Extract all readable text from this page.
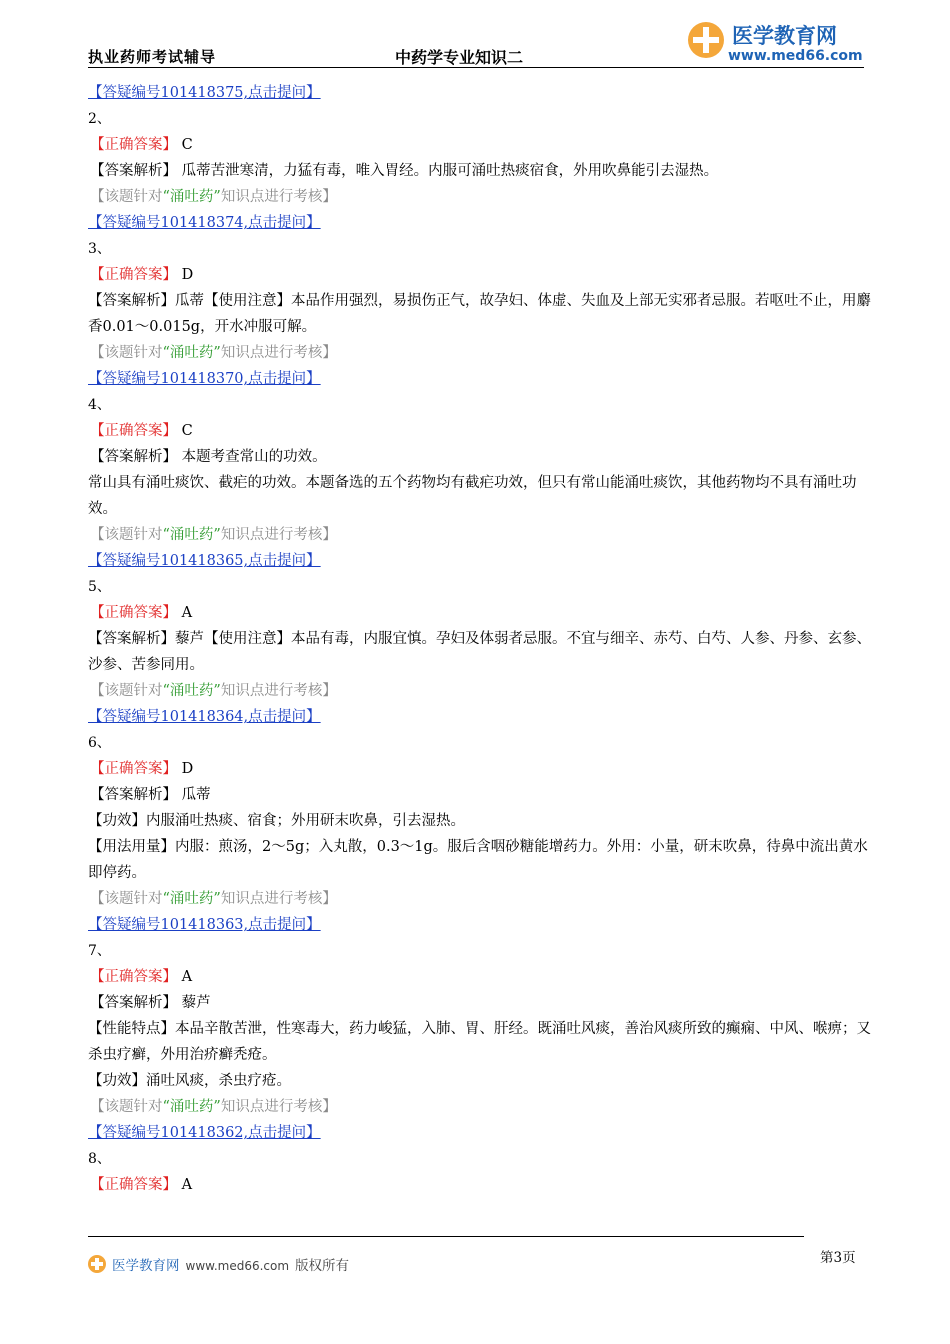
执业药师考试辅导	中药学专业知识二
医学教育网
www.med66.com
【答疑编号101418375,点击提问】
2、
【正确答案】 C
【答案解析】 瓜蒂苦泄寒清，力猛有毒，唯入胃经。内服可涌吐热痰宿食，外用吹鼻能引去湿热。
【该题针对“涌吐药”知识点进行考核】
【答疑编号101418374,点击提问】
3、
【正确答案】 D
【答案解析】瓜蒂【使用注意】本品作用强烈，易损伤正气，故孕妇、体虚、失血及上部无实邪者忌服。若呕吐不止，用麝香0.01～0.015g，开水冲服可解。
【该题针对“涌吐药”知识点进行考核】
【答疑编号101418370,点击提问】
4、
【正确答案】 C
【答案解析】 本题考查常山的功效。
常山具有涌吐痰饮、截疟的功效。本题备选的五个药物均有截疟功效，但只有常山能涌吐痰饮，其他药物均不具有涌吐功效。
【该题针对“涌吐药”知识点进行考核】
【答疑编号101418365,点击提问】
5、
【正确答案】 A
【答案解析】藜芦【使用注意】本品有毒，内服宜慎。孕妇及体弱者忌服。不宜与细辛、赤芍、白芍、人参、丹参、玄参、沙参、苦参同用。
【该题针对“涌吐药”知识点进行考核】
【答疑编号101418364,点击提问】
6、
【正确答案】 D
【答案解析】 瓜蒂
【功效】内服涌吐热痰、宿食；外用研末吹鼻，引去湿热。
【用法用量】内服：煎汤，2～5g；入丸散，0.3～1g。服后含咽砂糖能增药力。外用：小量，研末吹鼻，待鼻中流出黄水即停药。
【该题针对“涌吐药”知识点进行考核】
【答疑编号101418363,点击提问】
7、
【正确答案】 A
【答案解析】 藜芦
【性能特点】本品辛散苦泄，性寒毒大，药力峻猛，入肺、胃、肝经。既涌吐风痰，善治风痰所致的癫痫、中风、喉痹；又杀虫疗癣，外用治疥癣秃疮。
【功效】涌吐风痰，杀虫疗疮。
【该题针对“涌吐药”知识点进行考核】
【答疑编号101418362,点击提问】
8、
【正确答案】 A
医学教育网 www.med66.com 版权所有	第3页
